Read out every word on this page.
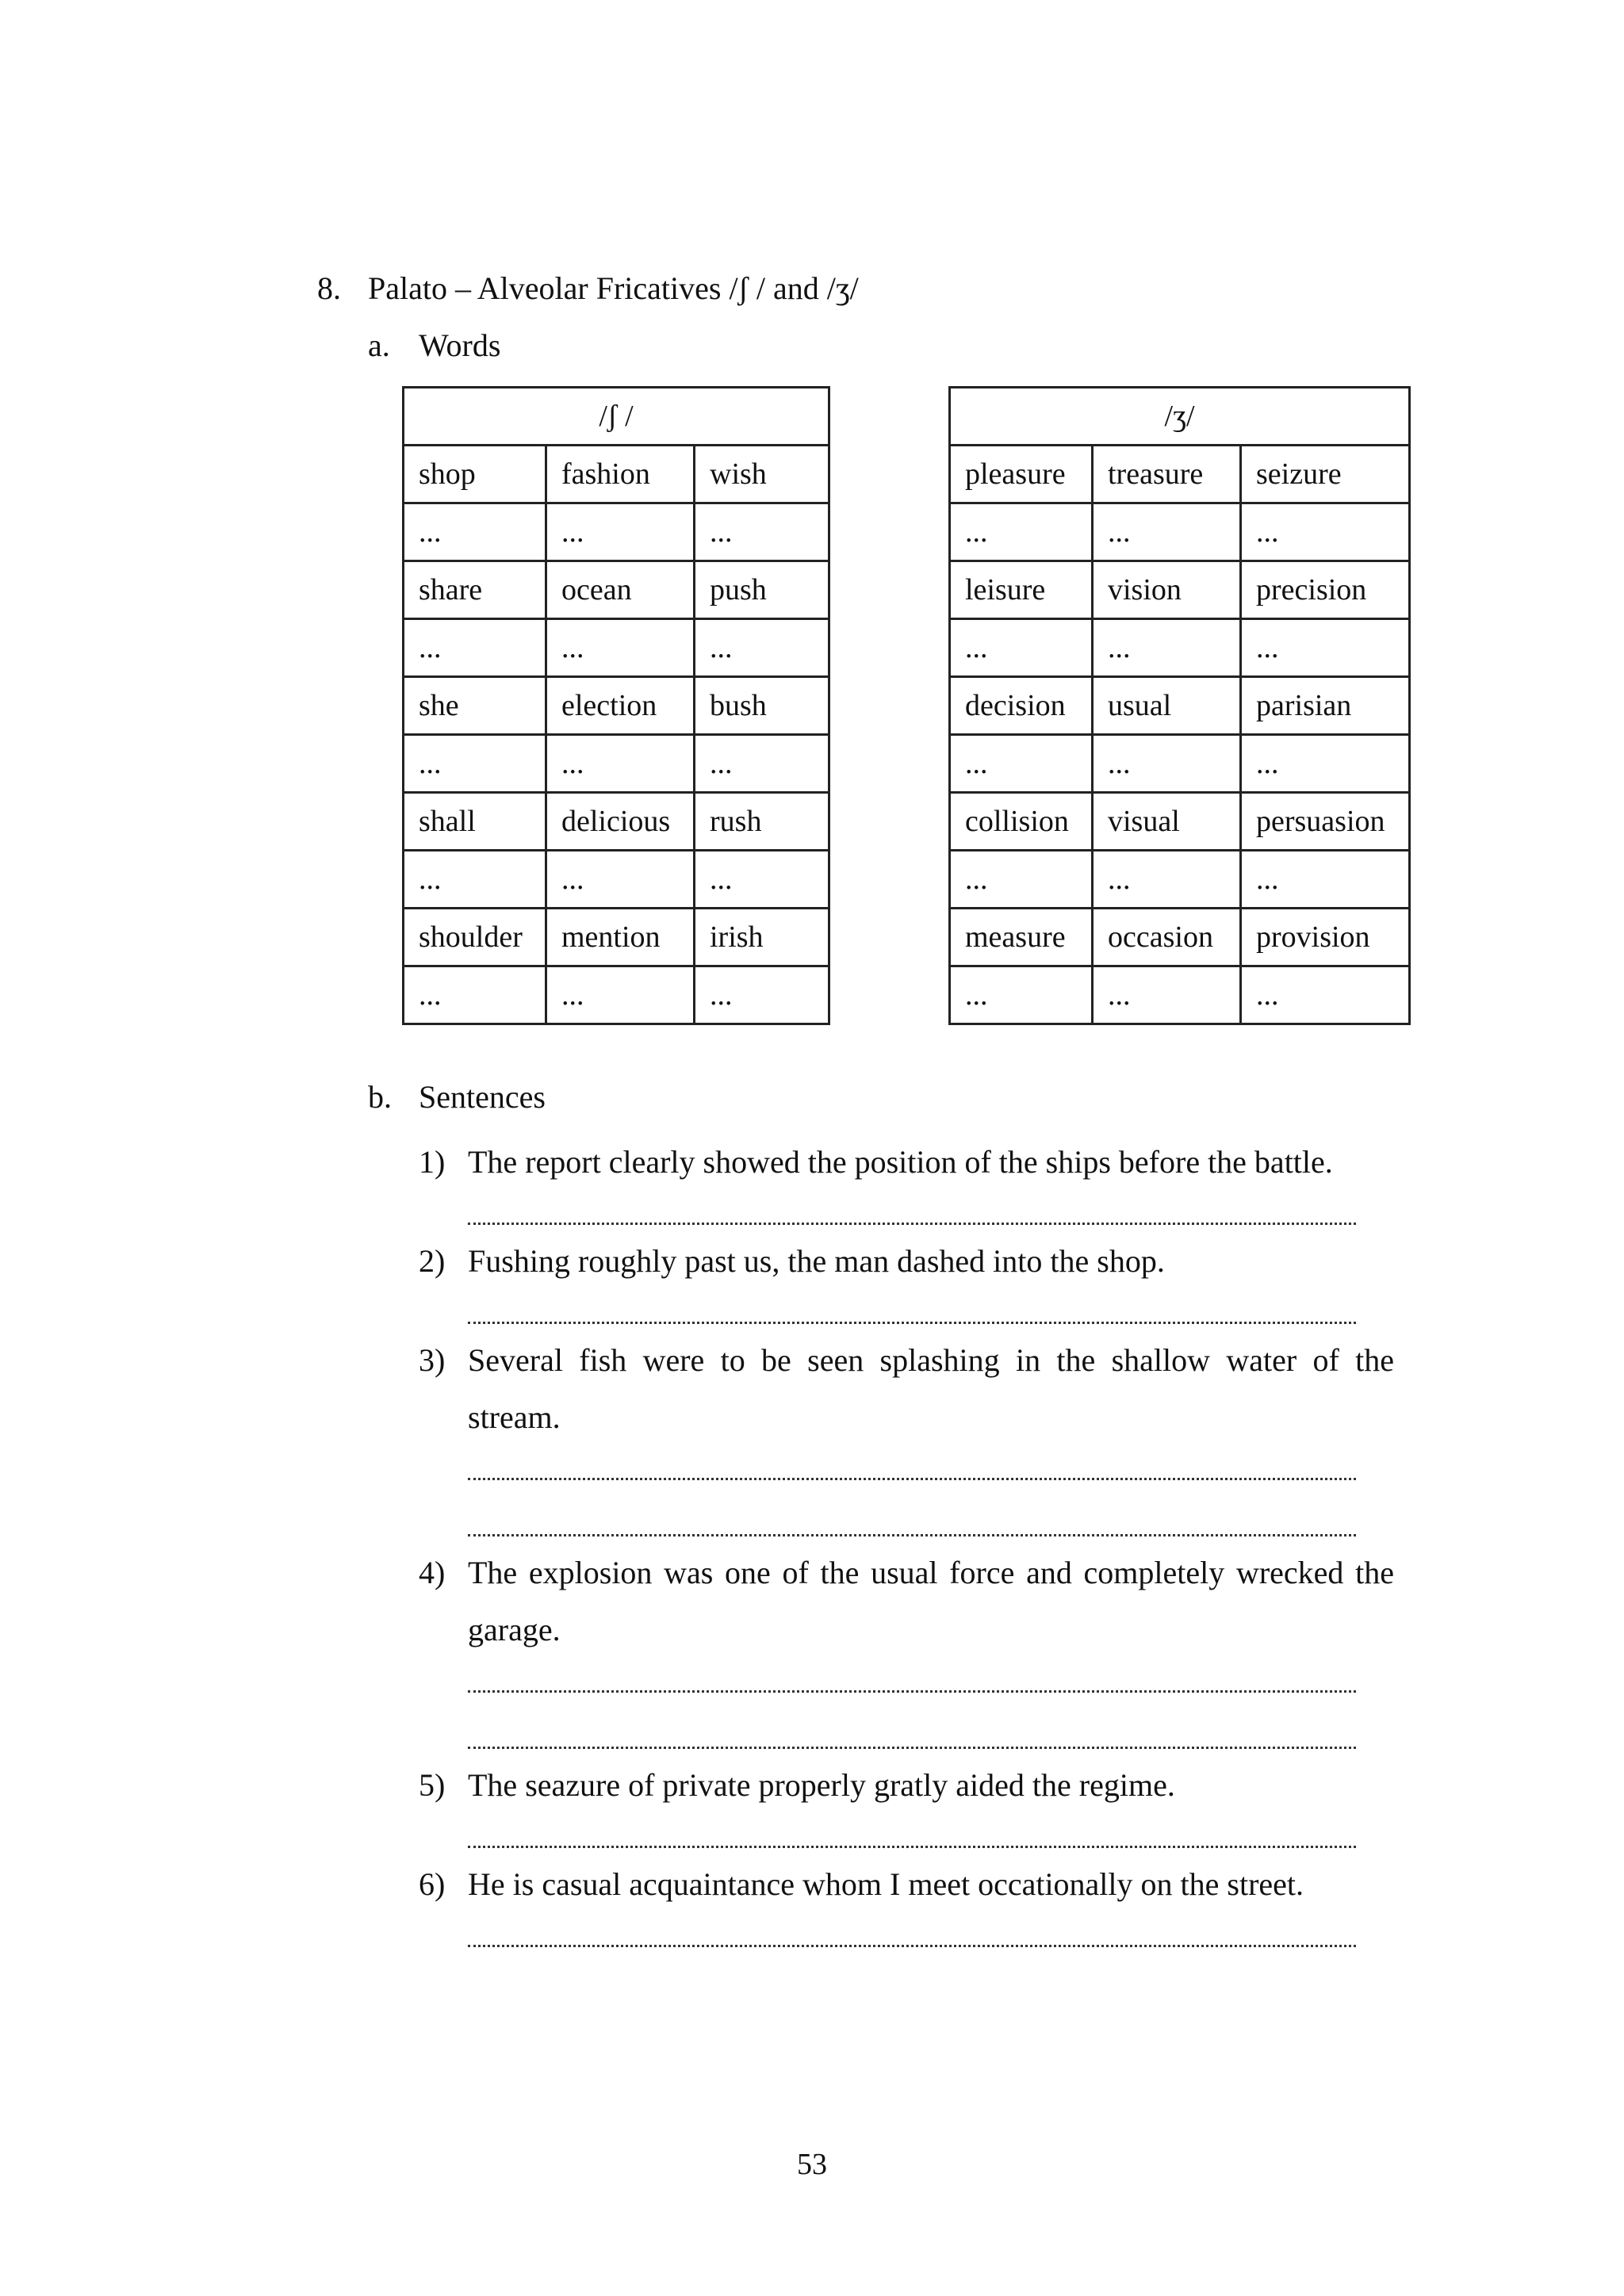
8. Palato – Alveolar Fricatives /ʃ / and /ʒ/
a. Words
/ʃ /		
shop	fashion	wish
...	...	...
share	ocean	push
...	...	...
she	election	bush
...	...	...
shall	delicious	rush
...	...	...
shoulder	mention	irish
...	...	...
/ʒ/		
pleasure	treasure	seizure
...	...	...
leisure	vision	precision
...	...	...
decision	usual	parisian
...	...	...
collision	visual	persuasion
...	...	...
measure	occasion	provision
...	...	...
b. Sentences
1) The report clearly showed the position of the ships before the battle.
2) Fushing roughly past us, the man dashed into the shop.
3) Several fish were to be seen splashing in the shallow water of the stream.
4) The explosion was one of the usual force and completely wrecked the garage.
5) The seazure of private properly gratly aided the regime.
6) He is casual acquaintance whom I meet occationally on the street.
53
